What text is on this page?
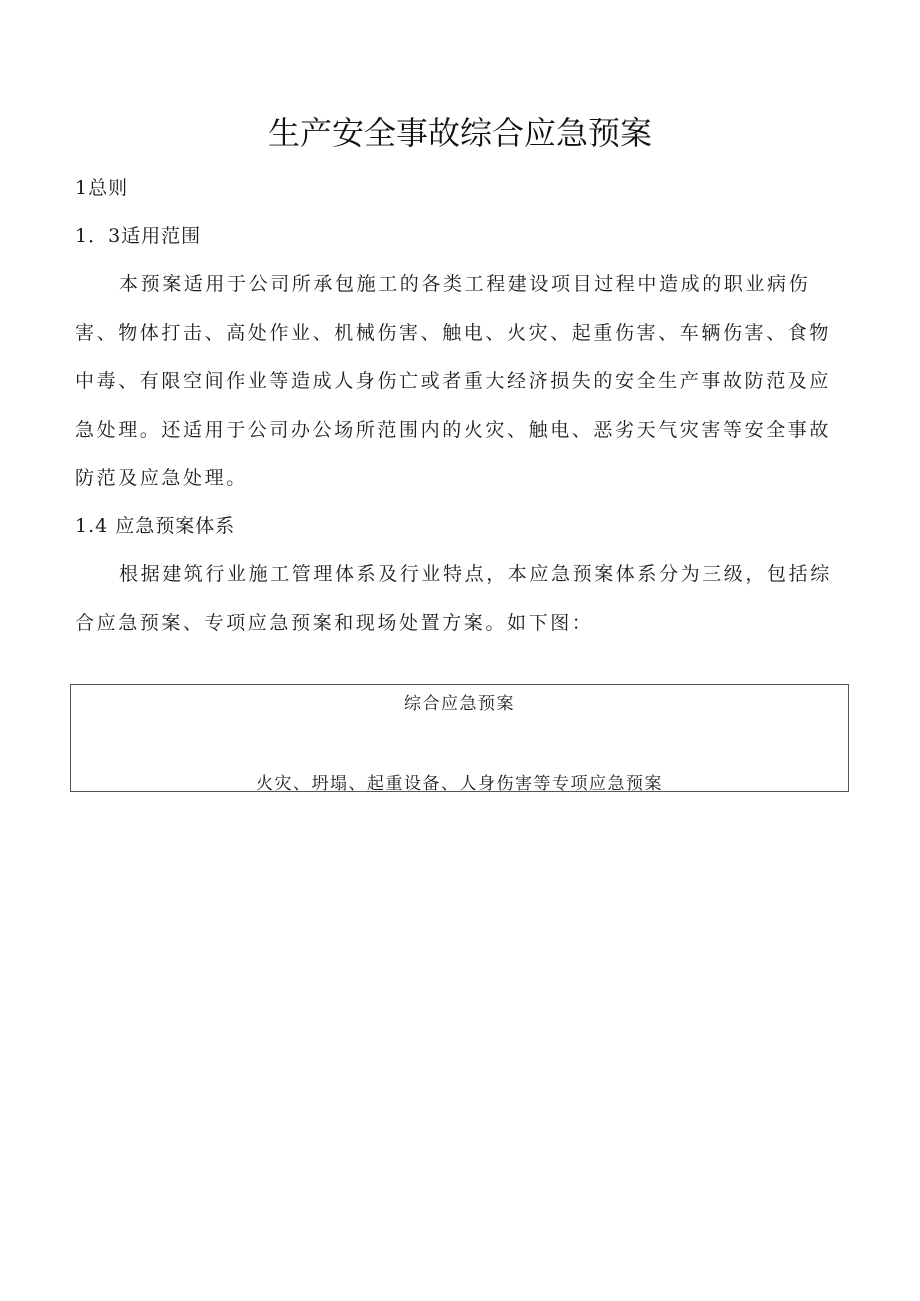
生产安全事故综合应急预案
1总则
1．3适用范围

本预案适用于公司所承包施工的各类工程建设项目过程中造成的职业病伤害、物体打击、高处作业、机械伤害、触电、火灾、起重伤害、车辆伤害、食物中毒、有限空间作业等造成人身伤亡或者重大经济损失的安全生产事故防范及应急处理。还适用于公司办公场所范围内的火灾、触电、恶劣天气灾害等安全事故防范及应急处理。

1.4 应急预案体系

根据建筑行业施工管理体系及行业特点，本应急预案体系分为三级，包括综合应急预案、专项应急预案和现场处置方案。如下图：

综合应急预案
火灾、坍塌、起重设备、人身伤害等专项应急预案
